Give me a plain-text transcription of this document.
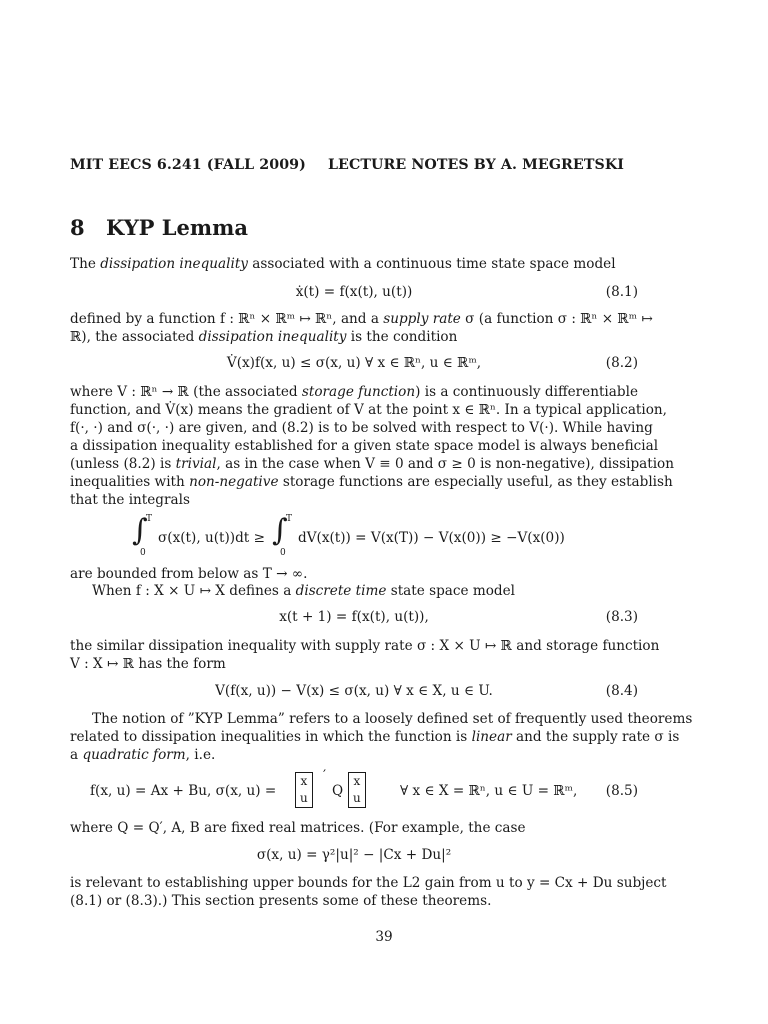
MIT EECS 6.241 (FALL 2009) LECTURE NOTES BY A. MEGRETSKI
8 KYP Lemma
The dissipation inequality associated with a continuous time state space model
ẋ(t) = f(x(t), u(t))	(8.1)
defined by a function f : ℝⁿ × ℝᵐ ↦ ℝⁿ, and a supply rate σ (a function σ : ℝⁿ × ℝᵐ ↦
ℝ), the associated dissipation inequality is the condition
V̇(x)f(x, u) ≤ σ(x, u) ∀ x ∈ ℝⁿ, u ∈ ℝᵐ,	(8.2)
where V : ℝⁿ → ℝ (the associated storage function) is a continuously differentiable
function, and V̇(x) means the gradient of V at the point x ∈ ℝⁿ. In a typical application,
f(·, ·) and σ(·, ·) are given, and (8.2) is to be solved with respect to V(·). While having
a dissipation inequality established for a given state space model is always beneficial
(unless (8.2) is trivial, as in the case when V ≡ 0 and σ ≥ 0 is non-negative), dissipation
inequalities with non-negative storage functions are especially useful, as they establish
that the integrals
∫
T
0
σ(x(t), u(t))dt ≥ ∫
T
0
dV(x(t)) = V(x(T)) − V(x(0)) ≥ −V(x(0))
are bounded from below as T → ∞.
When f : X × U ↦ X defines a discrete time state space model
x(t + 1) = f(x(t), u(t)),	(8.3)
the similar dissipation inequality with supply rate σ : X × U ↦ ℝ and storage function
V : X ↦ ℝ has the form
V(f(x, u)) − V(x) ≤ σ(x, u) ∀ x ∈ X, u ∈ U.	(8.4)
The notion of ”KYP Lemma” refers to a loosely defined set of frequently used theorems
related to dissipation inequalities in which the function is linear and the supply rate σ is
a quadratic form, i.e.
f(x, u) = Ax + Bu, σ(x, u) =
x
u
′
Q
x
u	∀ x ∈ X = ℝⁿ, u ∈ U = ℝᵐ, (8.5)
where Q = Q′, A, B are fixed real matrices. (For example, the case
σ(x, u) = γ²|u|² − |Cx + Du|²
is relevant to establishing upper bounds for the L2 gain from u to y = Cx + Du subject
(8.1) or (8.3).) This section presents some of these theorems.
39
